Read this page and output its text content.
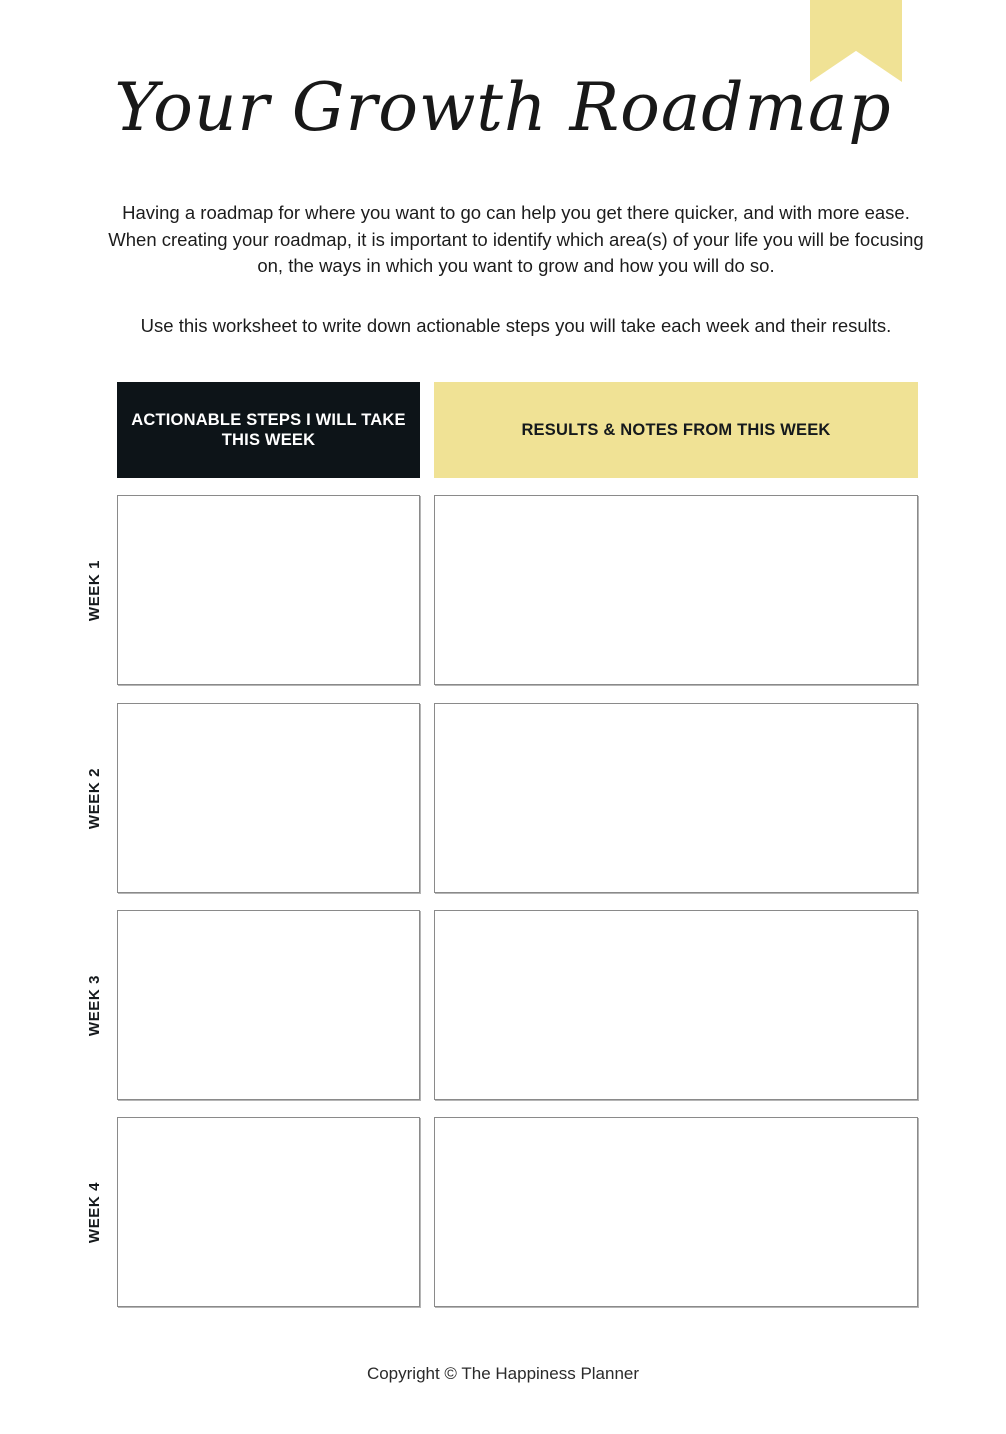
Your Growth Roadmap

Having a roadmap for where you want to go can help you get there quicker, and with more ease. When creating your roadmap, it is important to identify which area(s) of your life you will be focusing on, the ways in which you want to grow and how you will do so.

Use this worksheet to write down actionable steps you will take each week and their results.

ACTIONABLE STEPS I WILL TAKE THIS WEEK
RESULTS & NOTES FROM THIS WEEK
WEEK 1
WEEK 2
WEEK 3
WEEK 4
Copyright © The Happiness Planner
